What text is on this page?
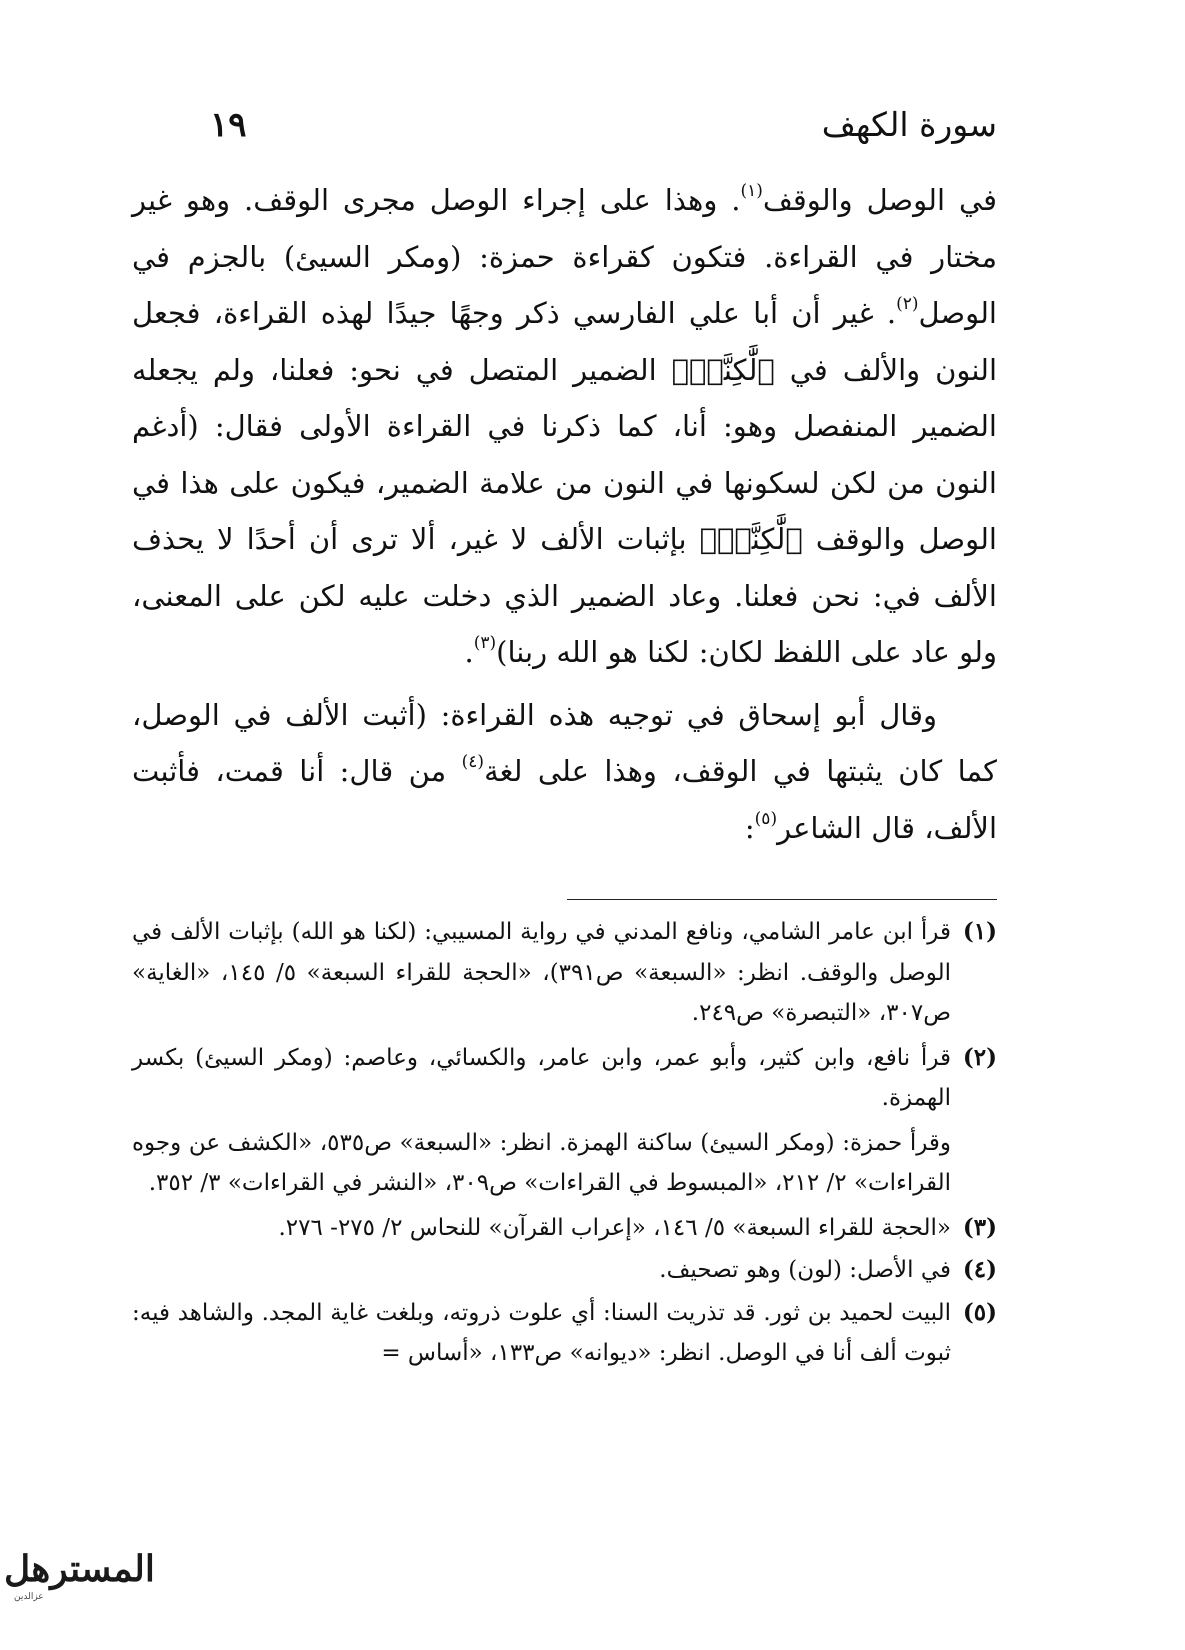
سورة الكهف
١٩

في الوصل والوقف$^{(١)}$. وهذا على إجراء الوصل مجرى الوقف. وهو غير مختار في القراءة. فتكون كقراءة حمزة: (ومكر السيئ) بالجزم في الوصل$^{(٢)}$. غير أن أبا علي الفارسي ذكر وجهًا جيدًا لهذه القراءة، فجعل النون والألف في ﴿لَّٰكِنَّا۠﴾ الضمير المتصل في نحو: فعلنا، ولم يجعله الضمير المنفصل وهو: أنا، كما ذكرنا في القراءة الأولى فقال: (أدغم النون من لكن لسكونها في النون من علامة الضمير، فيكون على هذا في الوصل والوقف ﴿لَّٰكِنَّا۠﴾ بإثبات الألف لا غير، ألا ترى أن أحدًا لا يحذف الألف في: نحن فعلنا. وعاد الضمير الذي دخلت عليه لكن على المعنى، ولو عاد على اللفظ لكان: لكنا هو الله ربنا)$^{(٣)}$.

وقال أبو إسحاق في توجيه هذه القراءة: (أثبت الألف في الوصل، كما كان يثبتها في الوقف، وهذا على لغة$^{(٤)}$ من قال: أنا قمت، فأثبت الألف، قال الشاعر$^{(٥)}$:

(١)
قرأ ابن عامر الشامي، ونافع المدني في رواية المسيبي: (لكنا هو الله) بإثبات الألف في الوصل والوقف. انظر: «السبعة» ص٣٩١)، «الحجة للقراء السبعة» ٥/ ١٤٥، «الغاية» ص٣٠٧، «التبصرة» ص٢٤٩.
(٢)
قرأ نافع، وابن كثير، وأبو عمر، وابن عامر، والكسائي، وعاصم: (ومكر السيئ) بكسر الهمزة.
وقرأ حمزة: (ومكر السيئ) ساكنة الهمزة. انظر: «السبعة» ص٥٣٥، «الكشف عن وجوه القراءات» ٢/ ٢١٢، «المبسوط في القراءات» ص٣٠٩، «النشر في القراءات» ٣/ ٣٥٢.
(٣)
«الحجة للقراء السبعة» ٥/ ١٤٦، «إعراب القرآن» للنحاس ٢/ ٢٧٥- ٢٧٦.
(٤)
في الأصل: (لون) وهو تصحيف.
(٥)
البيت لحميد بن ثور. قد تذريت السنا: أي علوت ذروته، وبلغت غاية المجد. والشاهد فيه: ثبوت ألف أنا في الوصل. انظر: «ديوانه» ص١٣٣، «أساس =
المسترهل
عزالدين
